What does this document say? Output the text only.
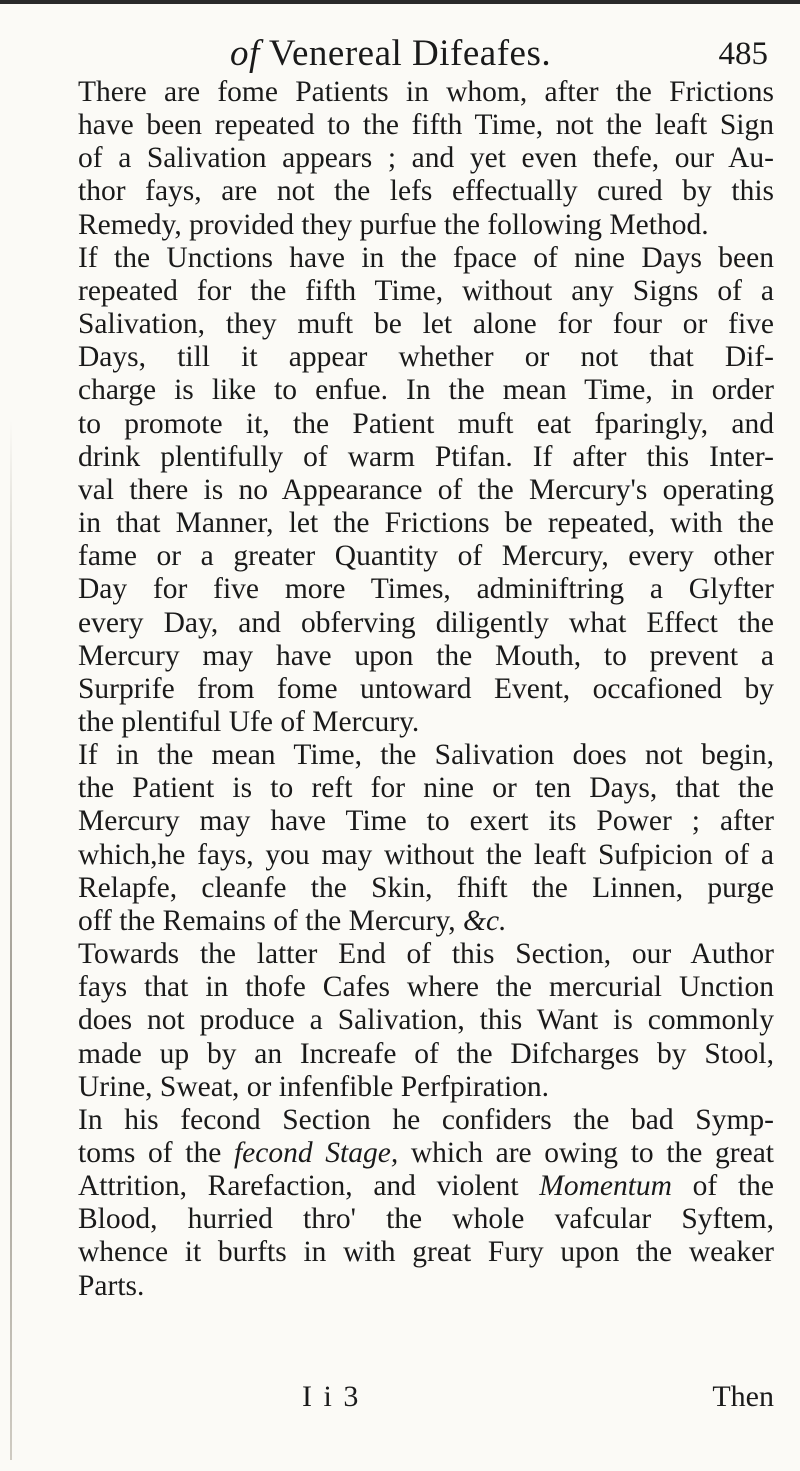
of Venereal Difeafes.	485

There are fome Patients in whom, after the Frictions
have been repeated to the fifth Time, not the leaft Sign
of a Salivation appears ; and yet even thefe, our Au-
thor fays, are not the lefs effectually cured by this
Remedy, provided they purfue the following Method.

If the Unctions have in the fpace of nine Days been
repeated for the fifth Time, without any Signs of a
Salivation, they muft be let alone for four or five
Days, till it appear whether or not that Dif-
charge is like to enfue. In the mean Time, in order
to promote it, the Patient muft eat fparingly, and
drink plentifully of warm Ptifan. If after this Inter-
val there is no Appearance of the Mercury's operating
in that Manner, let the Frictions be repeated, with the
fame or a greater Quantity of Mercury, every other
Day for five more Times, adminiftring a Glyfter
every Day, and obferving diligently what Effect the
Mercury may have upon the Mouth, to prevent a
Surprife from fome untoward Event, occafioned by
the plentiful Ufe of Mercury.

If in the mean Time, the Salivation does not begin,
the Patient is to reft for nine or ten Days, that the
Mercury may have Time to exert its Power ; after
which,he fays, you may without the leaft Sufpicion of a
Relapfe, cleanfe the Skin, fhift the Linnen, purge
off the Remains of the Mercury, &c.

Towards the latter End of this Section, our Author
fays that in thofe Cafes where the mercurial Unction
does not produce a Salivation, this Want is commonly
made up by an Increafe of the Difcharges by Stool,
Urine, Sweat, or infenfible Perfpiration.

In his fecond Section he confiders the bad Symp-
toms of the fecond Stage, which are owing to the great
Attrition, Rarefaction, and violent Momentum of the
Blood, hurried thro' the whole vafcular Syftem,
whence it burfts in with great Fury upon the weaker
Parts.

I i 3	Then
